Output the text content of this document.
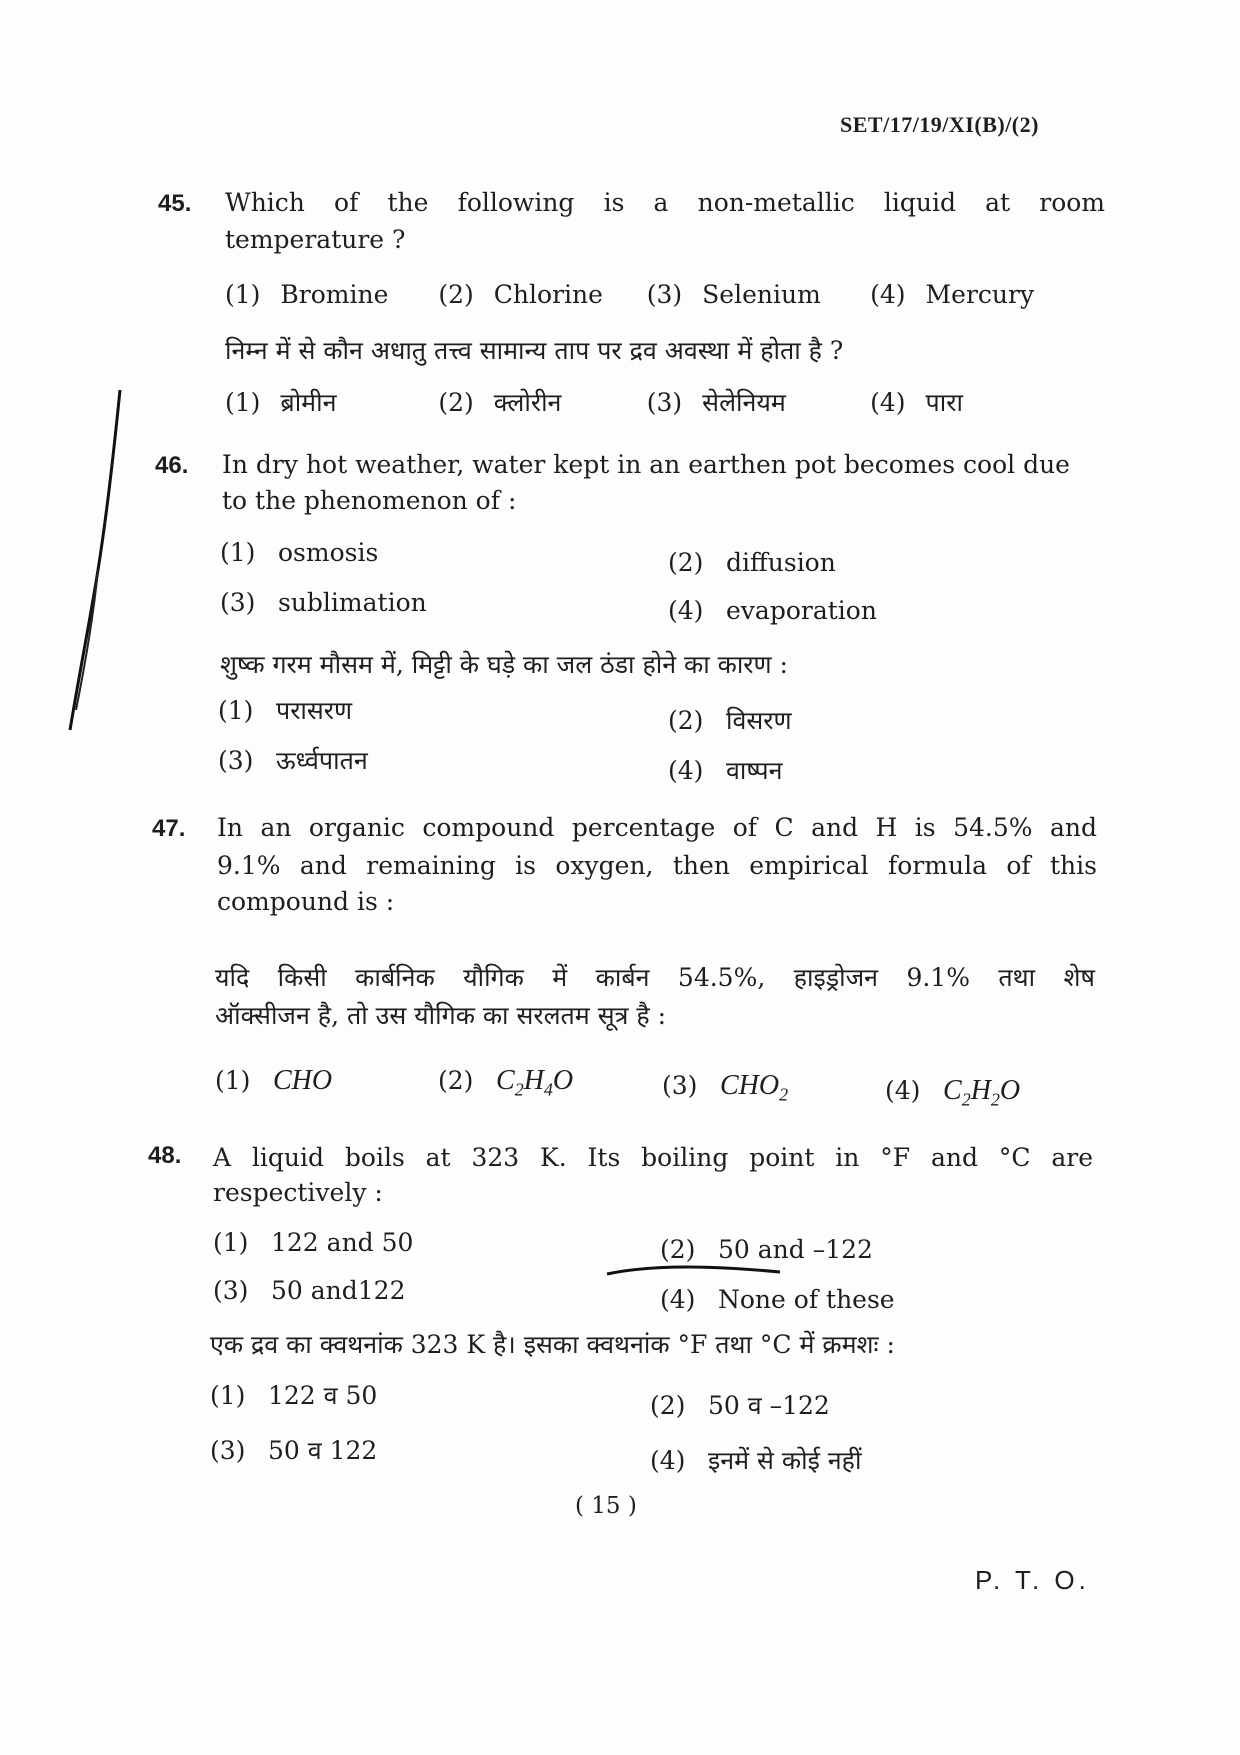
SET/17/19/XI(B)/(2)
45. Which of the following is a non-metallic liquid at room
temperature ?
(1) Bromine (2) Chlorine (3) Selenium (4) Mercury
निम्न में से कौन अधातु तत्त्व सामान्य ताप पर द्रव अवस्था में होता है ?
(1) ब्रोमीन	(2) क्लोरीन	(3) सेलेनियम	(4) पारा
46. In dry hot weather, water kept in an earthen pot becomes cool due
to the phenomenon of :
(1) osmosis	(2) diffusion
(3) sublimation	(4) evaporation
शुष्क गरम मौसम में, मिट्टी के घड़े का जल ठंडा होने का कारण :
(1) परासरण	(2) विसरण
(3) ऊर्ध्वपातन	(4) वाष्पन
47. In an organic compound percentage of C and H is 54.5% and
9.1% and remaining is oxygen, then empirical formula of this
compound is :
यदि किसी कार्बनिक यौगिक में कार्बन 54.5%, हाइड्रोजन 9.1% तथा शेष
ऑक्सीजन है, तो उस यौगिक का सरलतम सूत्र है :
(1) CHO	(2) $C_2H_4O$	(3) $CHO_2$	(4) $C_2H_2O$
48. A liquid boils at 323 K. Its boiling point in °F and °C are
respectively :
(1) 122 and 50	(2) 50 and –122
(3) 50 and122	(4) None of these
एक द्रव का क्वथनांक 323 K है। इसका क्वथनांक °F तथा °C में क्रमशः :
(1) 122 व 50	(2) 50 व –122
(3) 50 व 122	(4) इनमें से कोई नहीं
( 15 )
P. T. O.
